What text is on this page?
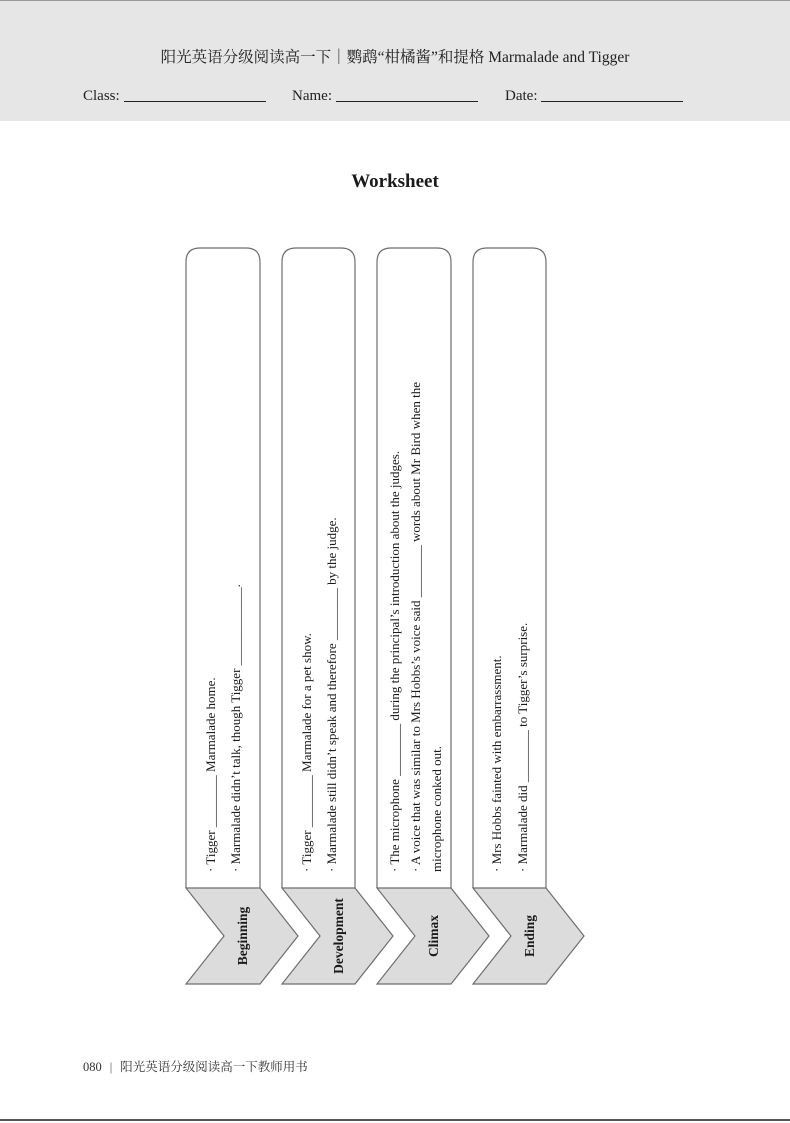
阳光英语分级阅读高一下｜鹦鹉“柑橘酱”和提格 Marmalade and Tigger
Class:	Name:	Date:
Worksheet
· Tigger ________ Marmalade home. · Marmalade didn’t talk, though Tigger ____________.
Beginning
· Tigger ________ Marmalade for a pet show. · Marmalade still didn’t speak and therefore ________ by the judge.
Development
· The microphone ________ during the principal’s introduction about the judges. · A voice that was similar to Mrs Hobbs’s voice said ________ words about Mr Bird when the microphone conked out.
Climax
· Mrs Hobbs fainted with embarrassment. · Marmalade did ________ to Tigger’s surprise.
Ending
080 | 阳光英语分级阅读高一下教师用书
